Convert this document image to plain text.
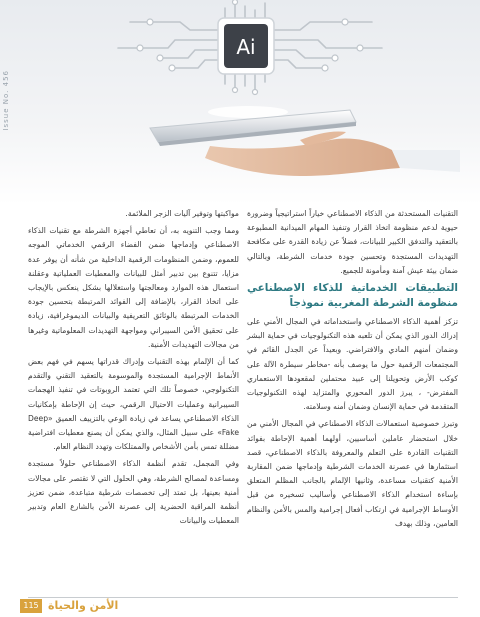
Ai
Issue No. 456

التقنيات المستحدثة من الذكاء الاصطناعي خياراً استراتيجياً وضرورة حيوية لدعم منظومة اتخاذ القرار وتنفيذ المهام الميدانية المطبوعة بالتعقيد والتدفق الكبير للبيانات، فضلاً عن زيادة القدرة على مكافحة التهديدات المستجدة وتحسين جودة خدمات الشرطة، وبالتالي ضمان بيئة عيش آمنة ومأمونة للجميع.

التطبيقات الخدماتية للذكاء الاصطناعي منظومة الشرطة المغربية نموذجاً

تزكز أهمية الذكاء الاصطناعي واستخداماته في المجال الأمني على إدراك الدور الذي يمكن أن تلعبه هذه التكنولوجيات في حماية البشر وضمان أمنهم المادي والافتراضي. وبعيداً عن الجدل القائم في المجتمعات الرقمية حول ما يوصف بأنه -مخاطر سيطرة الآلة على كوكب الأرض وتحويلنا إلى عبيد محتملين لمقعودها الاستعماري المفترض- ، يبرز الدور المحوري والمتزايد لهذه التكنولوجيات المتقدمة في حماية الإنسان وضمان أمنه وسلامته.

وتبرز خصوصية استعمالات الذكاء الاصطناعي في المجال الأمني من خلال استحضار عاملين أساسيين، أولهما أهمية الإحاطة بفوائد التقنيات القادرة على التعلم والمعروفة بالذكاء الاصطناعي، قصد استثمارها في عصرنة الخدمات الشرطية وإدماجها ضمن المقاربة الأمنية كتقنيات مساعدة، وثانيها الإلمام بالجانب المظلم المتعلق بإساءة استخدام الذكاء الاصطناعي وأساليب تسخيره من قبل الأوساط الإجرامية في ارتكاب أفعال إجرامية والمس بالأمن والنظام العامين، وذلك بهدف

مواكبتها وتوفير آليات الزجر الملائمة.

ومما وجب التنويه به، أن تعاطي أجهزة الشرطة مع تقنيات الذكاء الاصطناعي وإدماجها ضمن الفضاء الرقمي الخدماتي الموجه للعموم، وضمن المنظومات الرقمية الداخلية من شأنه أن يوفر عدة مزايا، تتنوع بين تدبير أمثل للبيانات والمعطيات العملياتية وعقلنة استعمال هذه الموارد ومعالجتها واستغلالها بشكل ينعكس بالإيجاب على اتخاذ القرار، بالإضافة إلى الفوائد المرتبطة بتحسين جودة الخدمات المرتبطة بالوثائق التعريفية والبيانات الديموغرافية، زيادة على تحقيق الأمن السيبراني ومواجهة التهديدات المعلوماتية وغيرها من مجالات التهديدات الأمنية.

كما أن الإلمام بهذه التقنيات وإدراك قدراتها يسهم في فهم بعض الأنماط الإجرامية المستجدة والموسومة بالتعقيد التقني والتقدم التكنولوجي، خصوصاً تلك التي تعتمد الروبوتات في تنفيذ الهجمات السيبرانية وعمليات الاحتيال الرقمي، حيث إن الإحاطة بإمكانيات الذكاء الاصطناعي يساعد في زيادة الوعي بالتزييف العميق «Deep Fake» على سبيل المثال، والذي يمكن أن يصنع معطيات افتراضية مضللة تمس بأمن الأشخاص والممتلكات وتهدد النظام العام.

وفي المجمل، تقدم أنظمة الذكاء الاصطناعي حلولاً مستجدة ومساعدة لمصالح الشرطة، وهي الحلول التي لا تقتصر على مجالات أمنية بعينها، بل تمتد إلى تخصصات شرطية متباعدة، ضمن تعزيز أنظمة المراقبة الحضرية إلى عصرنة الأمن بالشارع العام وتدبير المعطيات والبيانات

115 الأمن والحياة
